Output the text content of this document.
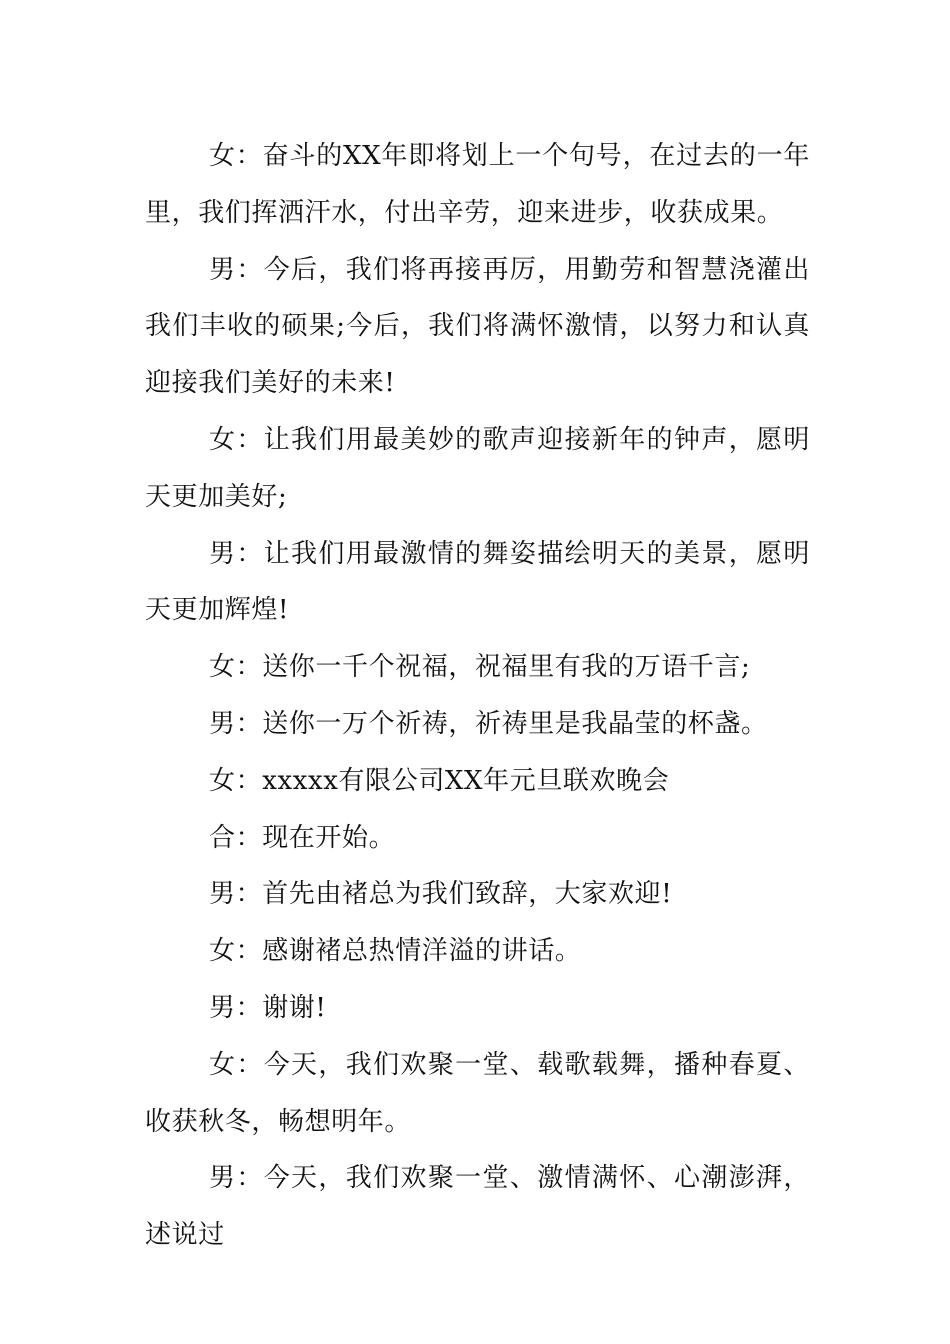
女：奋斗的XX年即将划上一个句号，在过去的一年里，我们挥洒汗水，付出辛劳，迎来进步，收获成果。

男：今后，我们将再接再厉，用勤劳和智慧浇灌出我们丰收的硕果;今后，我们将满怀激情，以努力和认真迎接我们美好的未来!

女：让我们用最美妙的歌声迎接新年的钟声，愿明天更加美好;

男：让我们用最激情的舞姿描绘明天的美景，愿明天更加辉煌!

女：送你一千个祝福，祝福里有我的万语千言;

男：送你一万个祈祷，祈祷里是我晶莹的杯盏。

女：xxxxx有限公司XX年元旦联欢晚会

合：现在开始。

男：首先由褚总为我们致辞，大家欢迎!

女：感谢褚总热情洋溢的讲话。

男：谢谢!

女：今天，我们欢聚一堂、载歌载舞，播种春夏、收获秋冬，畅想明年。

男：今天，我们欢聚一堂、激情满怀、心潮澎湃，述说过
